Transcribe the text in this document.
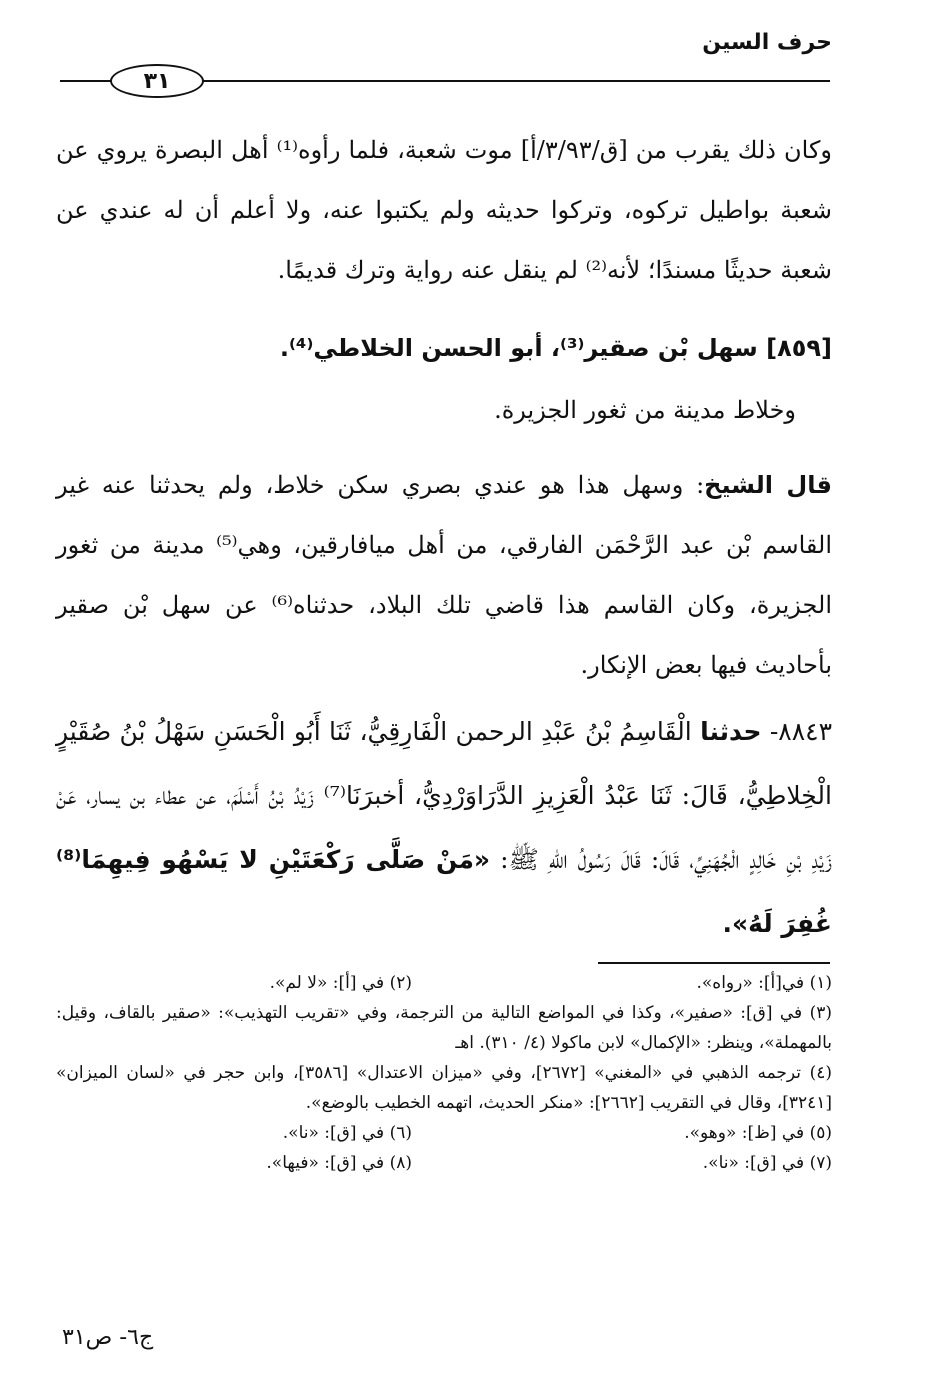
حرف السين
٣١
وكان ذلك يقرب من [ق/٣/٩٣/أ] موت شعبة، فلما رأوه⁽¹⁾ أهل البصرة يروي عن شعبة بواطيل تركوه، وتركوا حديثه ولم يكتبوا عنه، ولا أعلم أن له عندي عن شعبة حديثًا مسندًا؛ لأنه⁽²⁾ لم ينقل عنه رواية وترك قديمًا.
[٨٥٩] سهل بْن صقير⁽³⁾، أبو الحسن الخلاطي⁽⁴⁾.
وخلاط مدينة من ثغور الجزيرة.
قال الشيخ: وسهل هذا هو عندي بصري سكن خلاط، ولم يحدثنا عنه غير القاسم بْن عبد الرَّحْمَن الفارقي، من أهل ميافارقين، وهي⁽⁵⁾ مدينة من ثغور الجزيرة، وكان القاسم هذا قاضي تلك البلاد، حدثناه⁽⁶⁾ عن سهل بْن صقير بأحاديث فيها بعض الإنكار.
٨٨٤٣- حدثنا الْقَاسِمُ بْنُ عَبْدِ الرحمن الْفَارِقِيُّ، ثَنَا أَبُو الْحَسَنِ سَهْلُ بْنُ صُقَيْرٍ الْخِلاطِيُّ، قَالَ: ثَنَا عَبْدُ الْعَزِيزِ الدَّرَاوَرْدِيُّ، أخبرَنَا⁽⁷⁾ زَيْدُ بْنُ أَسْلَمَ، عن عطاء بن يسار، عَنْ زَيْدِ بْنِ خَالِدٍ الْجُهَنِيِّ، قَالَ: قَالَ رَسُولُ اللهِ ﷺ: «مَنْ صَلَّى رَكْعَتَيْنِ لا يَسْهُو فِيهِمَا⁽⁸⁾ غُفِرَ لَهُ».
(١) في[أ]: «رواه».
(٢) في [أ]: «لا لم».
(٣) في [ق]: «صفير»، وكذا في المواضع التالية من الترجمة، وفي «تقريب التهذيب»: «صقير بالقاف، وقيل: بالمهملة»، وينظر: «الإكمال» لابن ماكولا (٤/ ٣١٠). اهـ
(٤) ترجمه الذهبي في «المغني» [٢٦٧٢]، وفي «ميزان الاعتدال» [٣٥٨٦]، وابن حجر في «لسان الميزان» [٣٢٤١]، وقال في التقريب [٢٦٦٢]: «منكر الحديث، اتهمه الخطيب بالوضع».
(٥) في [ظ]: «وهو».
(٦) في [ق]: «نا».
(٧) في [ق]: «نا».
(٨) في [ق]: «فيها».
ج٦- ص٣١
